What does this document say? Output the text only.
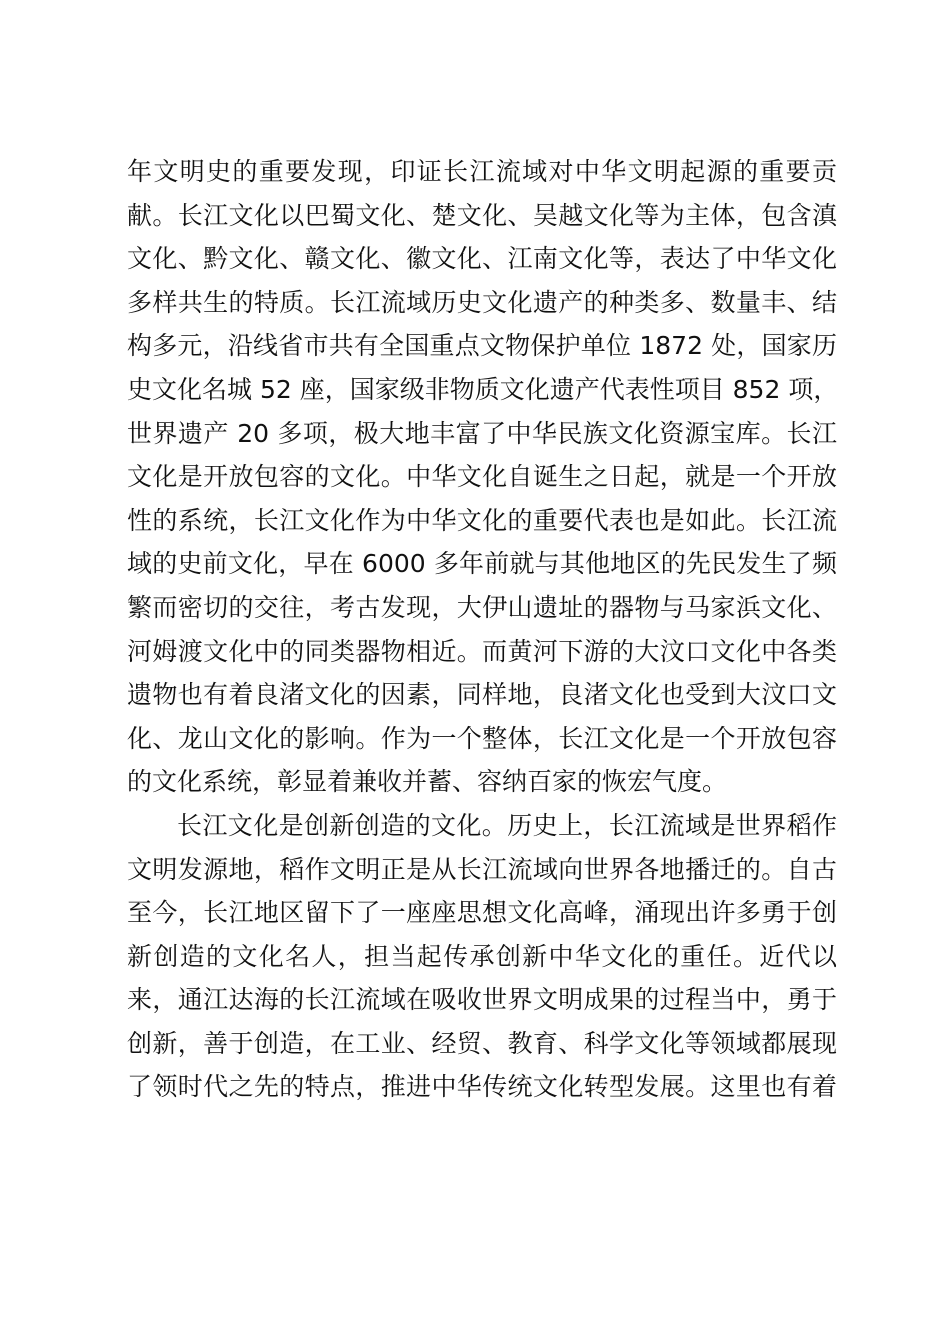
年文明史的重要发现，印证长江流域对中华文明起源的重要贡
献。长江文化以巴蜀文化、楚文化、吴越文化等为主体，包含滇
文化、黔文化、赣文化、徽文化、江南文化等，表达了中华文化
多样共生的特质。长江流域历史文化遗产的种类多、数量丰、结
构多元，沿线省市共有全国重点文物保护单位 1872 处，国家历
史文化名城 52 座，国家级非物质文化遗产代表性项目 852 项，
世界遗产 20 多项，极大地丰富了中华民族文化资源宝库。长江
文化是开放包容的文化。中华文化自诞生之日起，就是一个开放
性的系统，长江文化作为中华文化的重要代表也是如此。长江流
域的史前文化，早在 6000 多年前就与其他地区的先民发生了频
繁而密切的交往，考古发现，大伊山遗址的器物与马家浜文化、
河姆渡文化中的同类器物相近。而黄河下游的大汶口文化中各类
遗物也有着良渚文化的因素，同样地，良渚文化也受到大汶口文
化、龙山文化的影响。作为一个整体，长江文化是一个开放包容
的文化系统，彰显着兼收并蓄、容纳百家的恢宏气度。
长江文化是创新创造的文化。历史上，长江流域是世界稻作
文明发源地，稻作文明正是从长江流域向世界各地播迁的。自古
至今，长江地区留下了一座座思想文化高峰，涌现出许多勇于创
新创造的文化名人，担当起传承创新中华文化的重任。近代以
来，通江达海的长江流域在吸收世界文明成果的过程当中，勇于
创新，善于创造，在工业、经贸、教育、科学文化等领域都展现
了领时代之先的特点，推进中华传统文化转型发展。这里也有着
